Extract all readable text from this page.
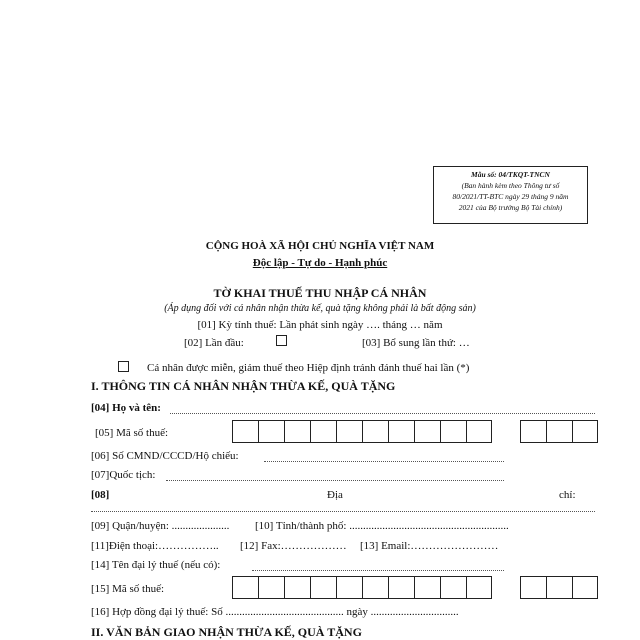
Mẫu số: 04/TKQT-TNCN
(Ban hành kèm theo Thông tư số
80/2021/TT-BTC ngày 29 tháng 9 năm
2021 của Bộ trưởng Bộ Tài chính)
CỘNG HOÀ XÃ HỘI CHỦ NGHĨA VIỆT NAM
Độc lập - Tự do - Hạnh phúc
TỜ KHAI THUẾ THU NHẬP CÁ NHÂN
(Áp dụng đối với cá nhân nhận thừa kế, quà tặng không phải là bất động sản)
[01] Kỳ tính thuế: Lần phát sinh ngày …. tháng … năm
[02] Lần đầu:	[03] Bổ sung lần thứ: …
Cá nhân được miễn, giảm thuế theo Hiệp định tránh đánh thuế hai lần (*)
I. THÔNG TIN CÁ NHÂN NHẬN THỪA KẾ, QUÀ TẶNG
[04] Họ và tên:
[05] Mã số thuế:
[06] Số CMND/CCCD/Hộ chiếu:
[07]Quốc tịch:
[08]	Địa	chỉ:
[09] Quận/huyện: ..................... [10] Tỉnh/thành phố: ..........................................................
[11]Điện thoại:…………….. [12] Fax:……………… [13] Email:……………………
[14] Tên đại lý thuế (nếu có):
[15] Mã số thuế:
[16] Hợp đồng đại lý thuế: Số ........................................... ngày ................................
II. VĂN BẢN GIAO NHẬN THỪA KẾ, QUÀ TẶNG
